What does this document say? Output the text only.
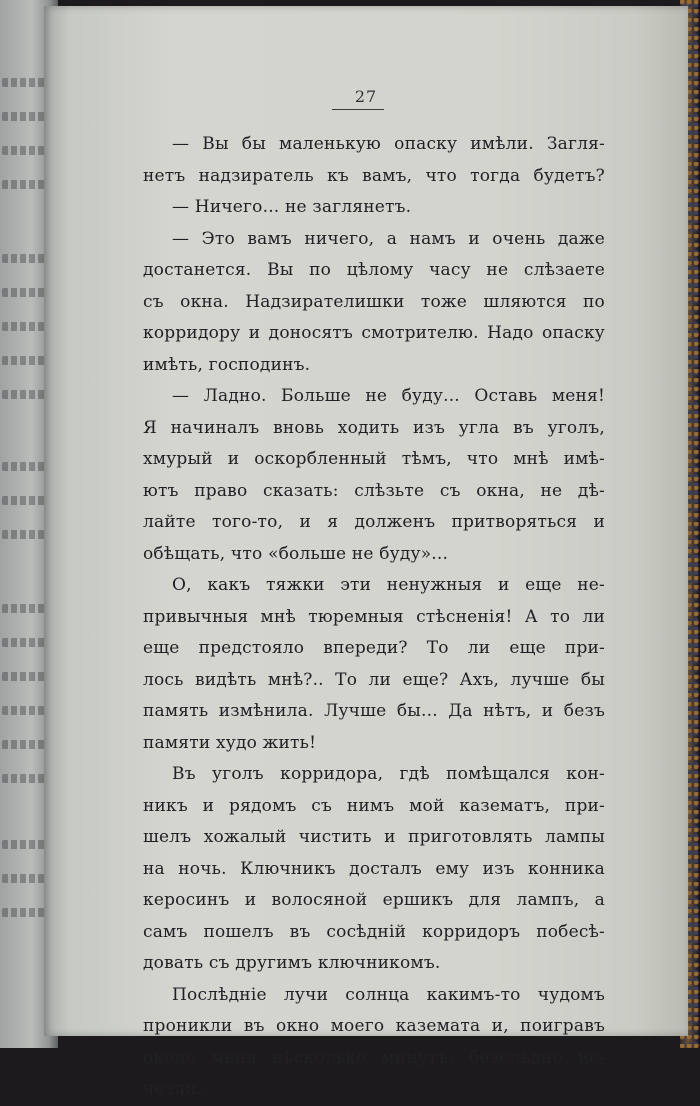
27
— Вы бы маленькую опаску имѣли. Загля-
нетъ надзиратель къ вамъ, что тогда будетъ?
— Ничего... не заглянетъ.
— Это вамъ ничего, а намъ и очень даже
достанется. Вы по цѣлому часу не слѣзаете
съ окна. Надзирателишки тоже шляются по
корридору и доносятъ смотрителю. Надо опаску
имѣть, господинъ.
— Ладно. Больше не буду... Оставь меня!
Я начиналъ вновь ходить изъ угла въ уголъ,
хмурый и оскорбленный тѣмъ, что мнѣ имѣ-
ютъ право сказать: слѣзьте съ окна, не дѣ-
лайте того-то, и я долженъ притворяться и
обѣщать, что «больше не буду»...
О, какъ тяжки эти ненужныя и еще не-
привычныя мнѣ тюремныя стѣсненія! А то ли
еще предстояло впереди? То ли еще при-
лось видѣть мнѣ?.. То ли еще? Ахъ, лучше бы
память измѣнила. Лучше бы... Да нѣтъ, и безъ
памяти худо жить!
Въ уголъ корридора, гдѣ помѣщался кон-
никъ и рядомъ съ нимъ мой казематъ, при-
шелъ хожалый чистить и приготовлять лампы
на ночь. Ключникъ досталъ ему изъ конника
керосинъ и волосяной ершикъ для лампъ, а
самъ пошелъ въ сосѣднiй корридоръ побесѣ-
довать съ другимъ ключникомъ.
Послѣдніе лучи солнца какимъ-то чудомъ
проникли въ окно моего каземата и, поигравъ
около меня нѣсколько минутъ, безслѣдно ис-
чезли...
